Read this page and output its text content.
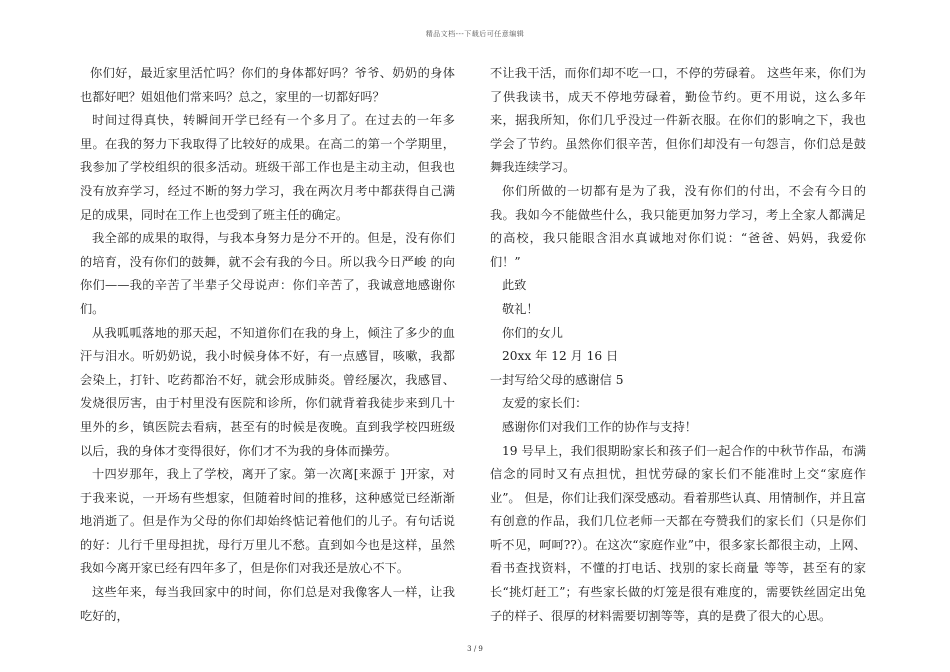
精品文档---下载后可任意编辑

你们好，最近家里活忙吗？你们的身体都好吗？爷爷、奶奶的身体也都好吧？姐姐他们常来吗？总之，家里的一切都好吗？

时间过得真快，转瞬间开学已经有一个多月了。在过去的一年多里。在我的努力下我取得了比较好的成果。在高二的第一个学期里，我参加了学校组织的很多活动。班级干部工作也是主动主动，但我也没有放弃学习，经过不断的努力学习，我在两次月考中都获得自己满足的成果，同时在工作上也受到了班主任的确定。

我全部的成果的取得，与我本身努力是分不开的。但是，没有你们的培育，没有你们的鼓舞，就不会有我的今日。所以我今日严峻 的向你们——我的辛苦了半辈子父母说声：你们辛苦了，我诚意地感谢你们。

从我呱呱落地的那天起，不知道你们在我的身上，倾注了多少的血汗与泪水。听奶奶说，我小时候身体不好，有一点感冒，咳嗽，我都会染上，打针、吃药都治不好，就会形成肺炎。曾经屡次，我感冒、发烧很厉害，由于村里没有医院和诊所，你们就背着我徒步来到几十里外的乡，镇医院去看病，甚至有的时候是夜晚。直到我学校四班级以后，我的身体才变得很好，你们才不为我的身体而操劳。

十四岁那年，我上了学校，离开了家。第一次离[来源于 ]开家，对于我来说，一开场有些想家，但随着时间的推移，这种感觉已经渐渐地消逝了。但是作为父母的你们却始终惦记着他们的儿子。有句话说的好：儿行千里母担扰，母行万里儿不愁。直到如今也是这样，虽然我如今离开家已经有四年多了，但是你们对我还是放心不下。

这些年来，每当我回家中的时间，你们总是对我像客人一样，让我吃好的，

不让我干活，而你们却不吃一口，不停的劳碌着。 这些年来，你们为了供我读书，成天不停地劳碌着，勤俭节约。更不用说，这么多年来，据我所知，你们几乎没过一件新衣服。在你们的影响之下，我也学会了节约。虽然你们很辛苦，但你们却没有一句怨言，你们总是鼓舞我连续学习。

你们所做的一切都有是为了我，没有你们的付出，不会有今日的我。我如今不能做些什么，我只能更加努力学习，考上全家人都满足的高校，我只能眼含泪水真诚地对你们说：“爸爸、妈妈，我爱你们！”

此致

敬礼！

你们的女儿

20xx 年 12 月 16 日

一封写给父母的感谢信 5

友爱的家长们：

感谢你们对我们工作的协作与支持！

19 号早上，我们很期盼家长和孩子们一起合作的中秋节作品，布满信念的同时又有点担忧，担忧劳碌的家长们不能准时上交“家庭作业”。 但是，你们让我们深受感动。看着那些认真、用情制作，并且富有创意的作品，我们几位老师一天都在夸赞我们的家长们（只是你们听不见，呵呵??）。在这次“家庭作业”中，很多家长都很主动，上网、看书查找资料，不懂的打电话、找别的家长商量 等等，甚至有的家长“挑灯赶工”；有些家长做的灯笼是很有难度的，需要铁丝固定出兔子的样子、很厚的材料需要切割等等，真的是费了很大的心思。

3 / 9
